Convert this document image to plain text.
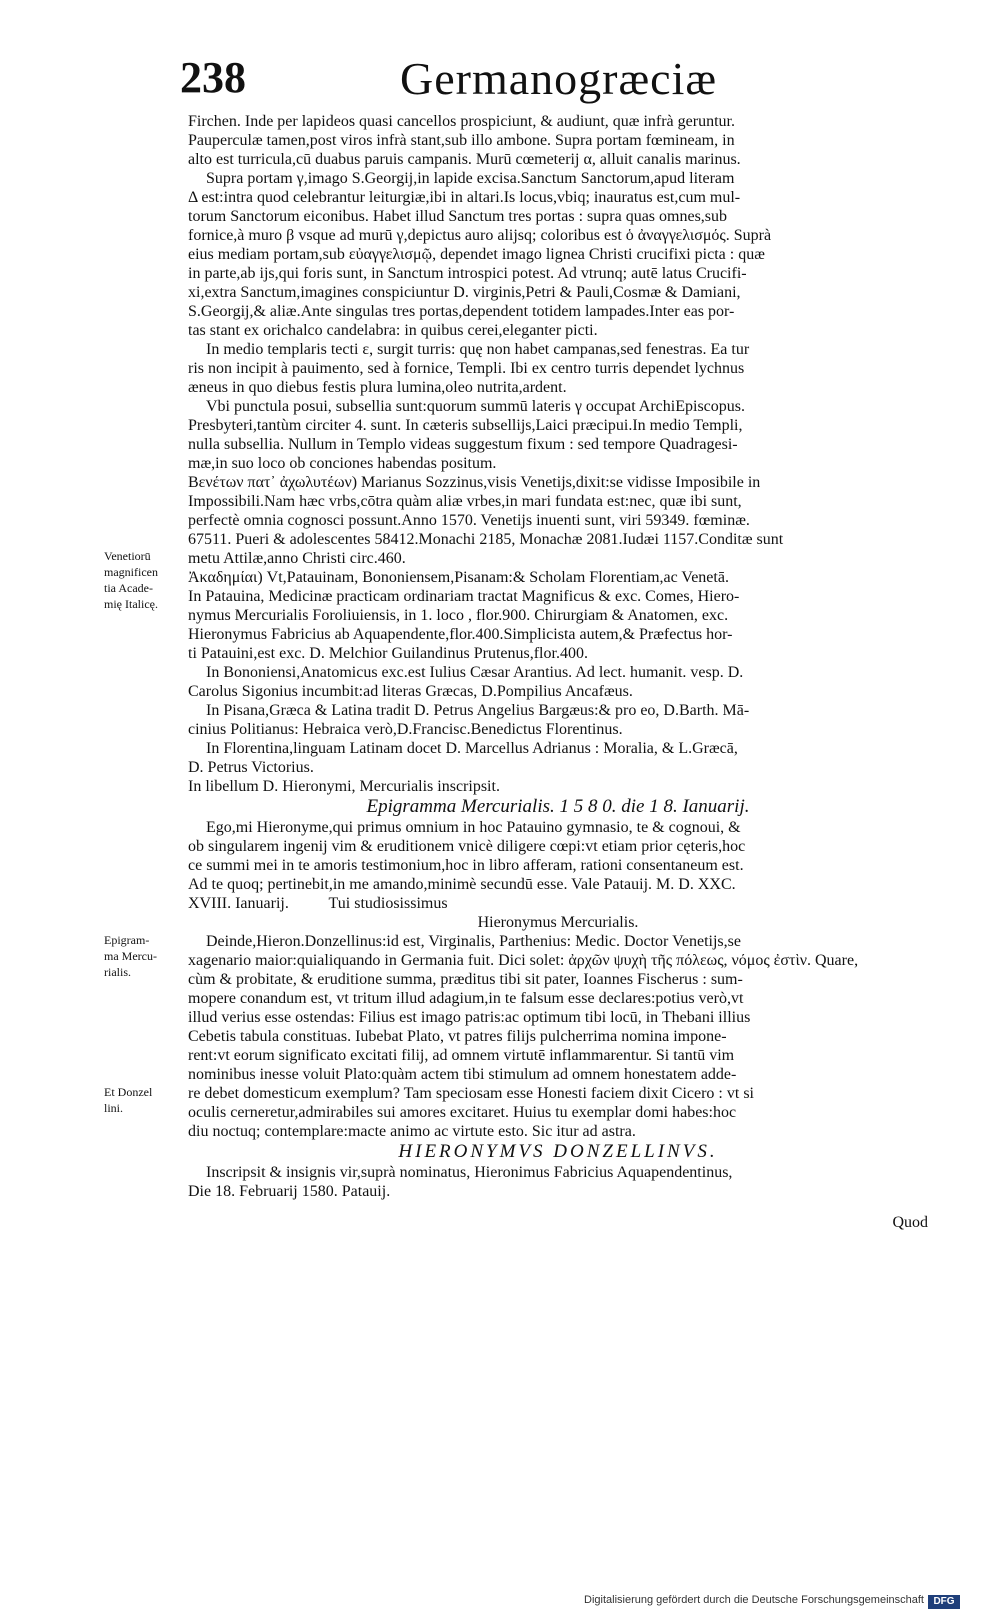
238	Germanogræciæ
Firchen. Inde per lapideos quasi cancellos prospiciunt, & audiunt, quæ infrà geruntur.
Pauperculæ tamen,post viros infrà stant,sub illo ambone. Supra portam fœmineam, in
alto est turricula,cū duabus paruis campanis. Murū cœmeterij α, alluit canalis marinus.
Supra portam γ,imago S.Georgij,in lapide excisa.Sanctum Sanctorum,apud literam
Δ est:intra quod celebrantur leiturgiæ,ibi in altari.Is locus,vbiq; inauratus est,cum mul-
torum Sanctorum eiconibus. Habet illud Sanctum tres portas : supra quas omnes,sub
fornice,à muro β vsque ad murū γ,depictus auro alijsq; coloribus est ὁ ἀναγγελισμός. Suprà
eius mediam portam,sub εὐαγγελισμῷ, dependet imago lignea Christi crucifixi picta : quæ
in parte,ab ijs,qui foris sunt, in Sanctum introspici potest. Ad vtrunq; autē latus Crucifi-
xi,extra Sanctum,imagines conspiciuntur D. virginis,Petri & Pauli,Cosmæ & Damiani,
S.Georgij,& aliæ.Ante singulas tres portas,dependent totidem lampades.Inter eas por-
tas stant ex orichalco candelabra: in quibus cerei,eleganter picti.
In medio templaris tecti ε, surgit turris: quę non habet campanas,sed fenestras. Ea tur
ris non incipit à pauimento, sed à fornice, Templi. Ibi ex centro turris dependet lychnus
æneus in quo diebus festis plura lumina,oleo nutrita,ardent.
Vbi punctula posui, subsellia sunt:quorum summū lateris γ occupat ArchiEpiscopus.
Presbyteri,tantùm circiter 4. sunt. In cæteris subsellijs,Laici præcipui.In medio Templi,
nulla subsellia. Nullum in Templo videas suggestum fixum : sed tempore Quadragesi-
mæ,in suo loco ob conciones habendas positum.
Βενέτων πατ᾽ ἀχωλυτέων) Marianus Sozzinus,visis Venetijs,dixit:se vidisse Imposibile in
Impossibili.Nam hæc vrbs,cōtra quàm aliæ vrbes,in mari fundata est:nec, quæ ibi sunt,
perfectè omnia cognosci possunt.Anno 1570. Venetijs inuenti sunt, viri 59349. fœminæ.
67511. Pueri & adolescentes 58412.Monachi 2185, Monachæ 2081.Iudæi 1157.Conditæ sunt
metu Attilæ,anno Christi circ.460.
Ἀκαδημίαι) Vt,Patauinam, Bononiensem,Pisanam:& Scholam Florentiam,ac Venetā.
In Patauina, Medicinæ practicam ordinariam tractat Magnificus & exc. Comes, Hiero-
nymus Mercurialis Foroliuiensis, in 1. loco , flor.900. Chirurgiam & Anatomen, exc.
Hieronymus Fabricius ab Aquapendente,flor.400.Simplicista autem,& Præfectus hor-
ti Patauini,est exc. D. Melchior Guilandinus Prutenus,flor.400.
In Bononiensi,Anatomicus exc.est Iulius Cæsar Arantius. Ad lect. humanit. vesp. D.
Carolus Sigonius incumbit:ad literas Græcas, D.Pompilius Ancafæus.
In Pisana,Græca & Latina tradit D. Petrus Angelius Bargæus:& pro eo, D.Barth. Mā-
cinius Politianus: Hebraica verò,D.Francisc.Benedictus Florentinus.
In Florentina,linguam Latinam docet D. Marcellus Adrianus : Moralia, & L.Græcā,
D. Petrus Victorius.
In libellum D. Hieronymi, Mercurialis inscripsit.
Epigramma Mercurialis. 1 5 8 0. die 1 8. Ianuarij.
Ego,mi Hieronyme,qui primus omnium in hoc Patauino gymnasio, te & cognoui, &
ob singularem ingenij vim & eruditionem vnicè diligere cœpi:vt etiam prior cęteris,hoc
ce summi mei in te amoris testimonium,hoc in libro afferam, rationi consentaneum est.
Ad te quoq; pertinebit,in me amando,minimè secundū esse. Vale Patauij. M. D. XXC.
XVIII. Ianuarij.          Tui studiosissimus
Hieronymus Mercurialis.
Deinde,Hieron.Donzellinus:id est, Virginalis, Parthenius: Medic. Doctor Venetijs,se
xagenario maior:quialiquando in Germania fuit. Dici solet: ἀρχῶν ψυχὴ τῆς πόλεως, νόμος ἐστὶν. Quare,
cùm & probitate, & eruditione summa, præditus tibi sit pater, Ioannes Fischerus : sum-
mopere conandum est, vt tritum illud adagium,in te falsum esse declares:potius verò,vt
illud verius esse ostendas: Filius est imago patris:ac optimum tibi locū, in Thebani illius
Cebetis tabula constituas. Iubebat Plato, vt patres filijs pulcherrima nomina impone-
rent:vt eorum significato excitati filij, ad omnem virtutē inflammarentur. Si tantū vim
nominibus inesse voluit Plato:quàm actem tibi stimulum ad omnem honestatem adde-
re debet domesticum exemplum? Tam speciosam esse Honesti faciem dixit Cicero : vt si
oculis cerneretur,admirabiles sui amores excitaret. Huius tu exemplar domi habes:hoc
diu noctuq; contemplare:macte animo ac virtute esto. Sic itur ad astra.
HIERONYMVS DONZELLINVS.
Inscripsit & insignis vir,suprà nominatus, Hieronimus Fabricius Aquapendentinus,
Die 18. Februarij 1580. Patauij.
Quod
Venetiorū
magnificen
tia Acade-
mię Italicę.
Epigram-
ma Mercu-
rialis.
Et Donzel
lini.
Digitalisierung gefördert durch die Deutsche Forschungsgemeinschaft DFG
